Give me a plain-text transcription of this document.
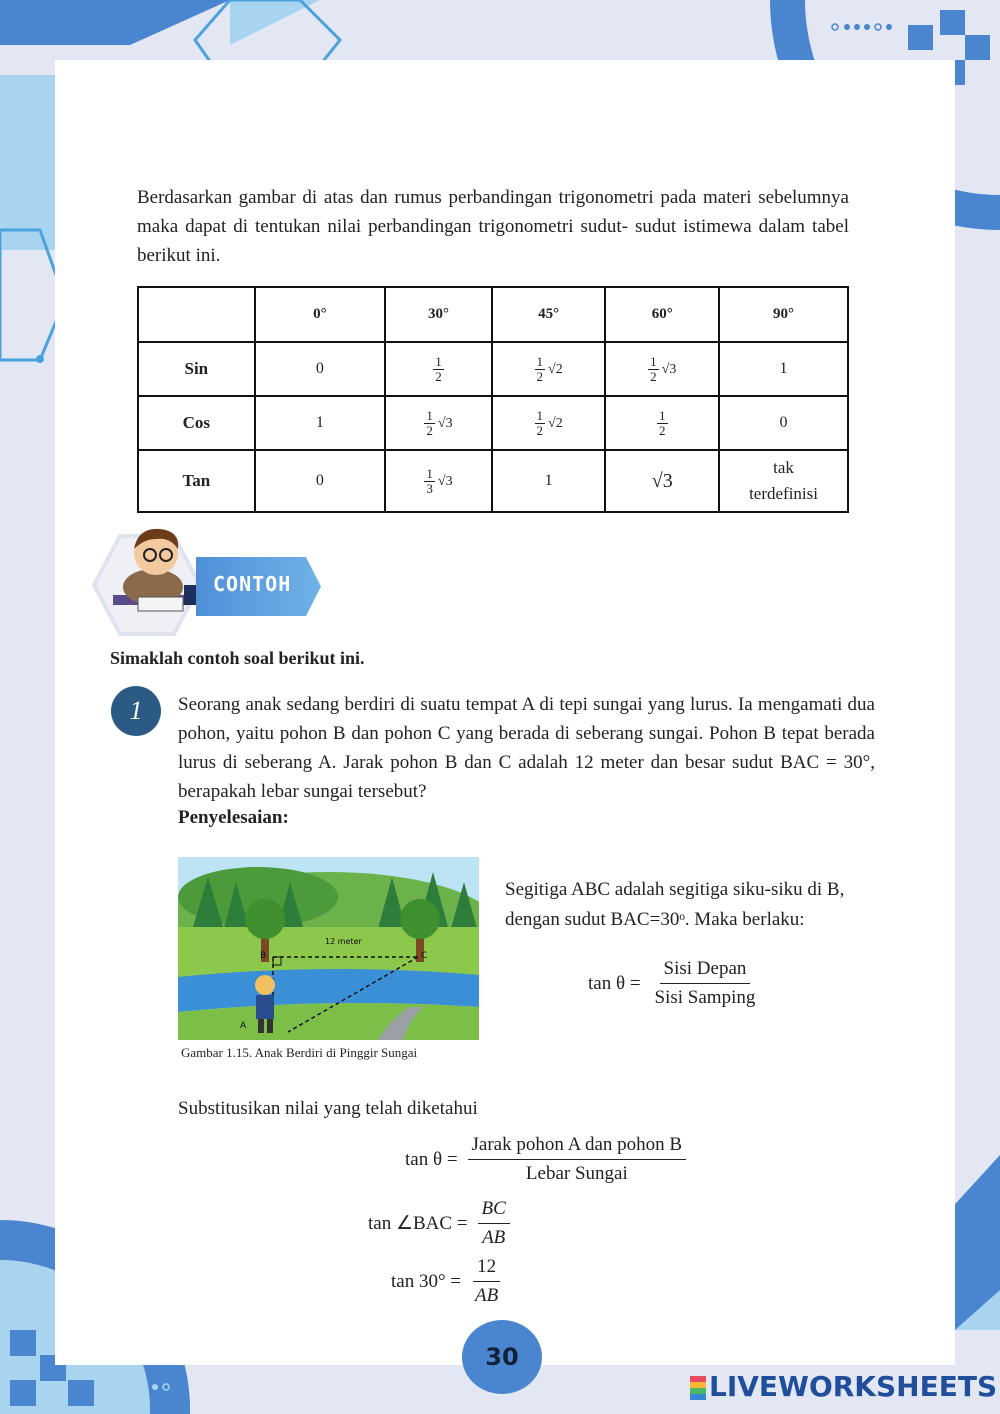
Berdasarkan gambar di atas dan rumus perbandingan trigonometri pada materi sebelumnya maka dapat di tentukan nilai perbandingan trigonometri sudut- sudut istimewa dalam tabel berikut ini.

	0°	30°	45°	60°	90°
Sin	0	$\frac{1}{2}$	$\frac{1}{2} √2$	$\frac{1}{2} √3$	1
Cos	1	$\frac{1}{2} √3$	$\frac{1}{2} √2$	$\frac{1}{2}$	0
Tan	0	$\frac{1}{3} √3$	1	√3	tak terdefinisi
CONTOH

Simaklah contoh soal berikut ini.

1	Seorang anak sedang berdiri di suatu tempat A di tepi sungai yang lurus. Ia mengamati dua pohon, yaitu pohon B dan pohon C yang berada di seberang sungai. Pohon B tepat berada lurus di seberang A. Jarak pohon B dan C adalah 12 meter dan besar sudut BAC = 30°, berapakah lebar sungai tersebut?

Penyelesaian:

12 meter
B	C
A

Gambar 1.15. Anak Berdiri di Pinggir Sungai

Segitiga ABC adalah segitiga siku-siku di B, dengan sudut BAC=30ᵒ. Maka berlaku:

tan θ =
Sisi Depan
Sisi Samping

Substitusikan nilai yang telah diketahui

tan θ =
Jarak pohon A dan pohon B
Lebar Sungai
tan ∠BAC = $\frac{BC}{AB}$
$\tan 30^\circ = \frac{12}{AB}$
30
LIVEWORKSHEETS
